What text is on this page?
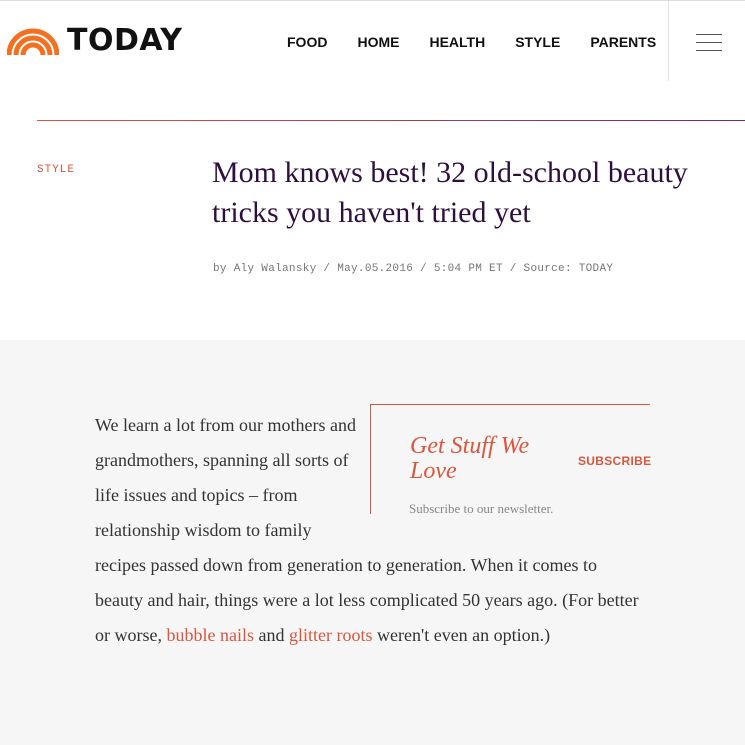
TODAY	FOOD HOME HEALTH STYLE PARENTS
STYLE	Mom knows best! 32 old-school beauty tricks you haven't tried yet
by Aly Walansky / May.05.2016 / 5:04 PM ET / Source: TODAY

Get Stuff We Love	SUBSCRIBE
Subscribe to our newsletter.
We learn a lot from our mothers and grandmothers, spanning all sorts of life issues and topics – from relationship wisdom to family recipes passed down from generation to generation. When it comes to beauty and hair, things were a lot less complicated 50 years ago. (For better or worse, bubble nails and glitter roots weren't even an option.)
